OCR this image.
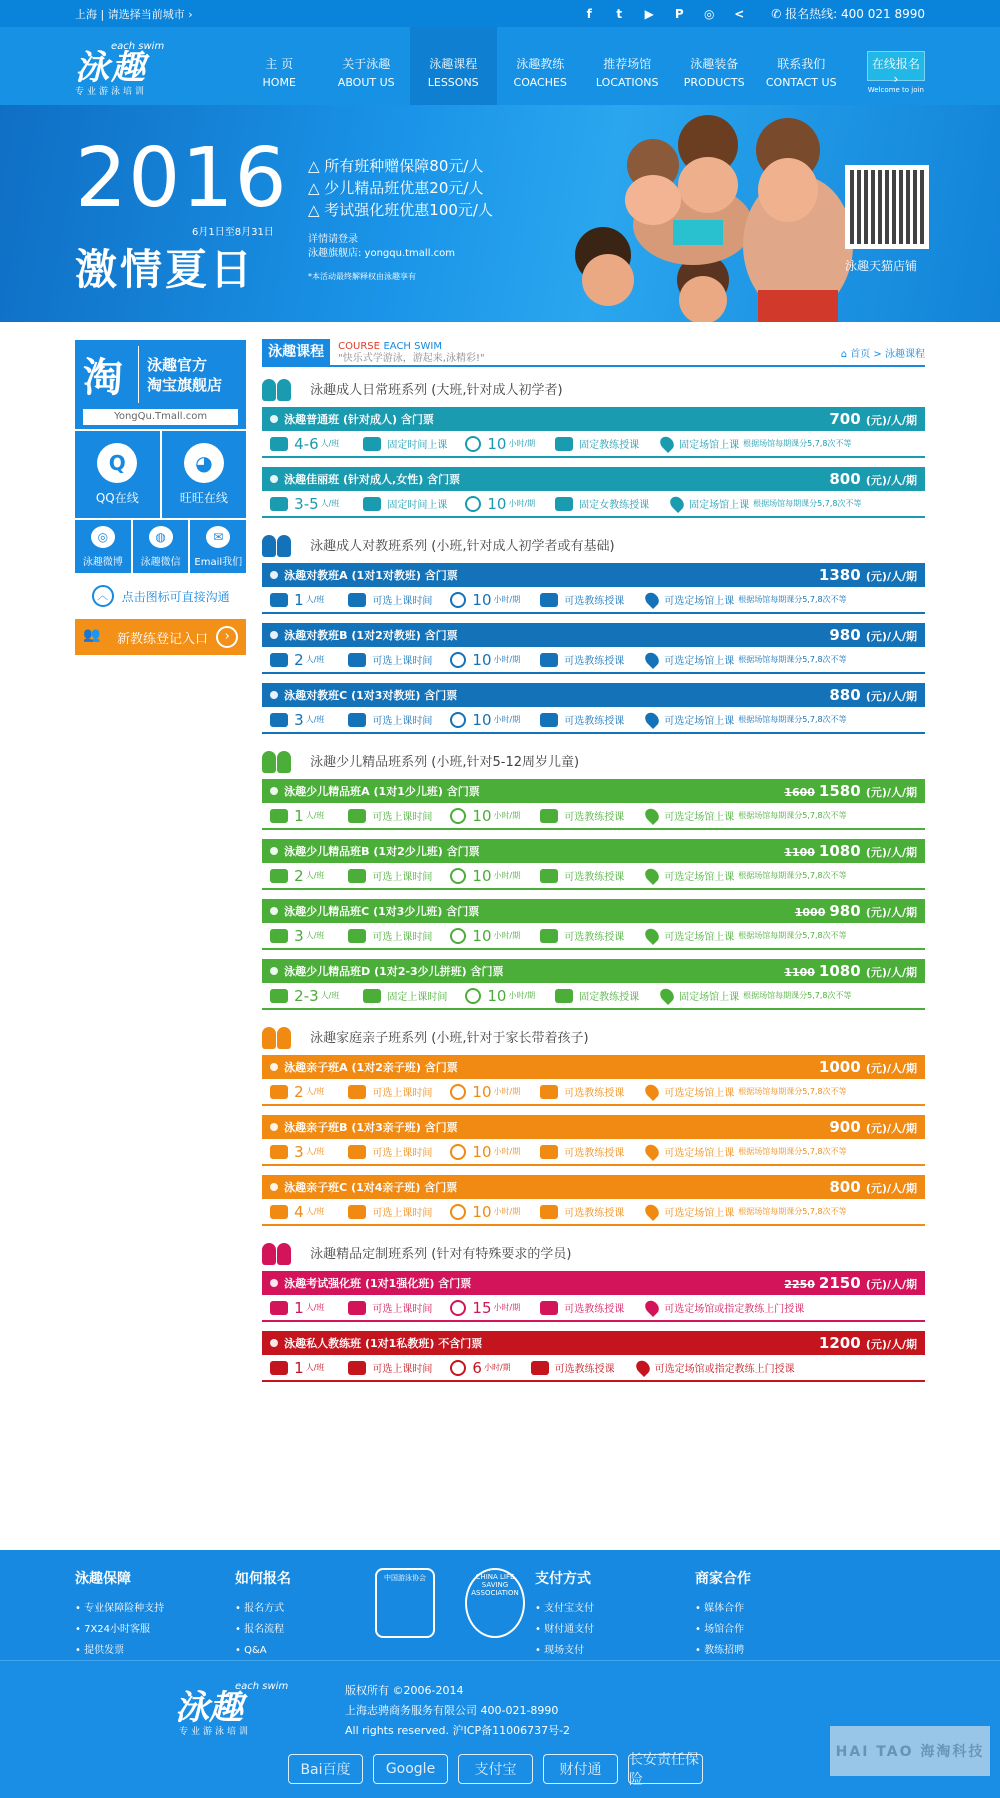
上海 | 请选择当前城市 ›	f	t	▶ P	◎ < ✆ 报名热线: 400 021 8990
each swim
泳趣
专业游泳培训
主 页
HOME
关于泳趣
ABOUT US
泳趣课程
LESSONS
泳趣教练
COACHES
推荐场馆
LOCATIONS
泳趣装备
PRODUCTS
联系我们
CONTACT US
在线报名 ›
Welcome to join
2016
6月1日至8月31日
激情夏日
△ 所有班种赠保障80元/人
△ 少儿精品班优惠20元/人
△ 考试强化班优惠100元/人
详情请登录
泳趣旗舰店: yongqu.tmall.com
*本活动最终解释权由泳趣享有
泳趣天猫店铺
淘	泳趣官方
淘宝旗舰店
YongQu.Tmall.com
Q
QQ在线
◕
旺旺在线
◎
泳趣微博
◍
泳趣微信
✉
Email我们
︿	点击图标可直接沟通
👥	新教练登记入口	›
泳趣课程	COURSE EACH SWIM
"快乐式学游泳，游起来,泳精彩!"	⌂ 首页 > 泳趣课程
泳趣成人日常班系列 (大班,针对成人初学者)
泳趣普通班 (针对成人) 含门票	700 (元)/人/期
4-6 人/班	固定时间上课	10 小时/期	固定教练授课	固定场馆上课 根据场馆每期课分5,7,8次不等
泳趣佳丽班 (针对成人,女性) 含门票	800 (元)/人/期
3-5 人/班	固定时间上课	10 小时/期	固定女教练授课	固定场馆上课 根据场馆每期课分5,7,8次不等
泳趣成人对教班系列 (小班,针对成人初学者或有基础)
泳趣对教班A (1对1对教班) 含门票	1380 (元)/人/期
1 人/班	可选上课时间	10 小时/期	可选教练授课	可选定场馆上课 根据场馆每期课分5,7,8次不等
泳趣对教班B (1对2对教班) 含门票	980 (元)/人/期
2 人/班	可选上课时间	10 小时/期	可选教练授课	可选定场馆上课 根据场馆每期课分5,7,8次不等
泳趣对教班C (1对3对教班) 含门票	880 (元)/人/期
3 人/班	可选上课时间	10 小时/期	可选教练授课	可选定场馆上课 根据场馆每期课分5,7,8次不等
泳趣少儿精品班系列 (小班,针对5-12周岁儿童)
泳趣少儿精品班A (1对1少儿班) 含门票	1600 1580 (元)/人/期
1 人/班	可选上课时间	10 小时/期	可选教练授课	可选定场馆上课 根据场馆每期课分5,7,8次不等
泳趣少儿精品班B (1对2少儿班) 含门票	1100 1080 (元)/人/期
2 人/班	可选上课时间	10 小时/期	可选教练授课	可选定场馆上课 根据场馆每期课分5,7,8次不等
泳趣少儿精品班C (1对3少儿班) 含门票	1000 980 (元)/人/期
3 人/班	可选上课时间	10 小时/期	可选教练授课	可选定场馆上课 根据场馆每期课分5,7,8次不等
泳趣少儿精品班D (1对2-3少儿拼班) 含门票	1100 1080 (元)/人/期
2-3 人/班	固定上课时间	10 小时/期	固定教练授课	固定场馆上课 根据场馆每期课分5,7,8次不等
泳趣家庭亲子班系列 (小班,针对于家长带着孩子)
泳趣亲子班A (1对2亲子班) 含门票	1000 (元)/人/期
2 人/班	可选上课时间	10 小时/期	可选教练授课	可选定场馆上课 根据场馆每期课分5,7,8次不等
泳趣亲子班B (1对3亲子班) 含门票	900 (元)/人/期
3 人/班	可选上课时间	10 小时/期	可选教练授课	可选定场馆上课 根据场馆每期课分5,7,8次不等
泳趣亲子班C (1对4亲子班) 含门票	800 (元)/人/期
4 人/班	可选上课时间	10 小时/期	可选教练授课	可选定场馆上课 根据场馆每期课分5,7,8次不等
泳趣精品定制班系列 (针对有特殊要求的学员)
泳趣考试强化班 (1对1强化班) 含门票	2250 2150 (元)/人/期
1 人/班	可选上课时间	15 小时/期	可选教练授课	可选定场馆或指定教练上门授课
泳趣私人教练班 (1对1私教班) 不含门票	1200 (元)/人/期
1 人/班	可选上课时间	6 小时/期	可选教练授课	可选定场馆或指定教练上门授课
泳趣保障
• 专业保障险种支持
• 7X24小时客服
• 提供发票
如何报名
• 报名方式
• 报名流程
• Q&A
中国游泳协会	CHINA LIFE SAVING ASSOCIATION
支付方式
• 支付宝支付
• 财付通支付
• 现场支付
商家合作
• 媒体合作
• 场馆合作
• 教练招聘
each swim
泳趣
专业游泳培训
版权所有 ©2006-2014
上海志骋商务服务有限公司 400-021-8990
All rights reserved. 沪ICP备11006737号-2
Bai百度	Google	支付宝	财付通
长安责任保险
HAI TAO 海淘科技
